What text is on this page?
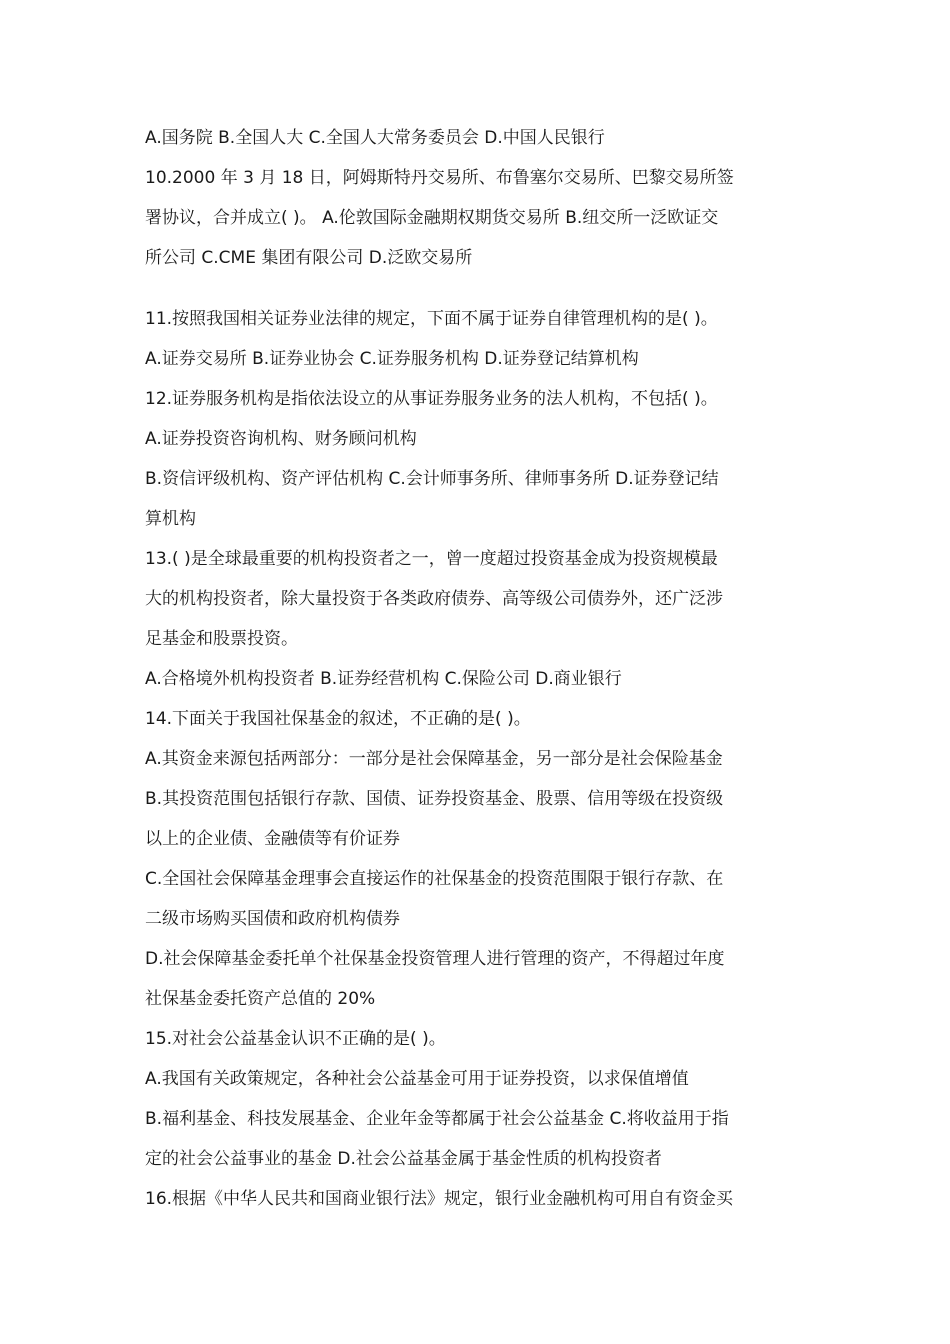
A.国务院 B.全国人大 C.全国人大常务委员会 D.中国人民银行
10.2000 年 3 月 18 日，阿姆斯特丹交易所、布鲁塞尔交易所、巴黎交易所签
署协议，合并成立( )。 A.伦敦国际金融期权期货交易所 B.纽交所一泛欧证交
所公司 C.CME 集团有限公司 D.泛欧交易所
11.按照我国相关证券业法律的规定，下面不属于证券自律管理机构的是( )。
A.证券交易所 B.证券业协会 C.证券服务机构 D.证券登记结算机构
12.证券服务机构是指依法设立的从事证券服务业务的法人机构，不包括( )。
A.证券投资咨询机构、财务顾问机构
B.资信评级机构、资产评估机构 C.会计师事务所、律师事务所 D.证券登记结
算机构
13.( )是全球最重要的机构投资者之一，曾一度超过投资基金成为投资规模最
大的机构投资者，除大量投资于各类政府债券、高等级公司债券外，还广泛涉
足基金和股票投资。
A.合格境外机构投资者 B.证券经营机构 C.保险公司 D.商业银行
14.下面关于我国社保基金的叙述，不正确的是( )。
A.其资金来源包括两部分：一部分是社会保障基金，另一部分是社会保险基金
B.其投资范围包括银行存款、国债、证券投资基金、股票、信用等级在投资级
以上的企业债、金融债等有价证券
C.全国社会保障基金理事会直接运作的社保基金的投资范围限于银行存款、在
二级市场购买国债和政府机构债券
D.社会保障基金委托单个社保基金投资管理人进行管理的资产，不得超过年度
社保基金委托资产总值的 20%
15.对社会公益基金认识不正确的是( )。
A.我国有关政策规定，各种社会公益基金可用于证券投资，以求保值增值
B.福利基金、科技发展基金、企业年金等都属于社会公益基金 C.将收益用于指
定的社会公益事业的基金 D.社会公益基金属于基金性质的机构投资者
16.根据《中华人民共和国商业银行法》规定，银行业金融机构可用自有资金买
